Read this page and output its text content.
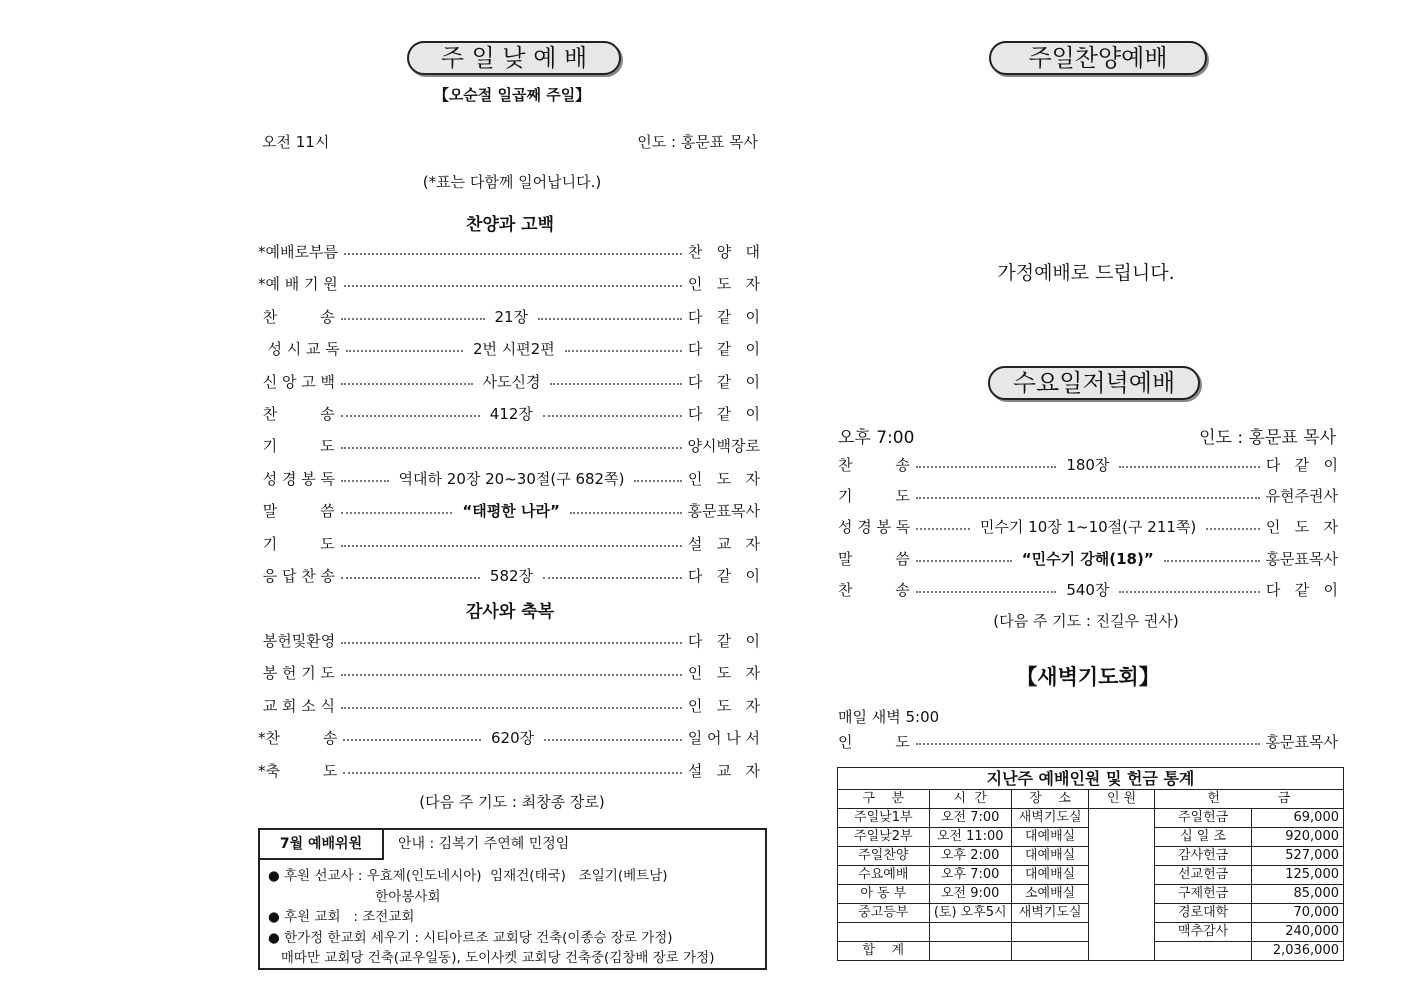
주 일 낮 예 배
【오순절 일곱째 주일】
오전 11시	인도 : 홍문표 목사
(*표는 다함께 일어납니다.)
찬양과 고백
*예배로부름	찬   양   대
*예 배 기 원	인   도   자
찬         송	21장	다   같   이
성 시 교 독	2번 시편2편	다   같   이
신 앙 고 백	사도신경	다   같   이
찬         송	412장	다   같   이
기         도	양시백장로
성 경 봉 독	역대하 20장 20~30절(구 682쪽)	인   도   자
말         씀	“태평한 나라”	홍문표목사
기         도	설   교   자
응 답 찬 송	582장	다   같   이
감사와 축복
봉헌및환영	다   같   이
봉 헌 기 도	인   도   자
교 회 소 식	인   도   자
*찬         송	620장	일 어 나 서
*축         도	설   교   자
(다음 주 기도 : 최창종 장로)
7월 예배위원	안내 : 김복기 주연혜 민정임
● 후원 선교사 : 우효제(인도네시아)  임재건(태국)   조일기(베트남)
한아봉사회
● 후원 교회   : 조전교회
● 한가정 한교회 세우기 : 시티아르조 교회당 건축(이종승 장로 가정)
매따만 교회당 건축(교우일동), 도이사켓 교회당 건축중(김창배 장로 가정)
주일찬양예배
가정예배로 드립니다.
수요일저녁예배
오후 7:00	인도 : 홍문표 목사
찬         송	180장	다   같   이
기         도	유현주권사
성 경 봉 독	민수기 10장 1~10절(구 211쪽)	인   도   자
말         씀	“민수기 강해(18)”	홍문표목사
찬         송	540장	다   같   이
(다음 주 기도 : 진길우 권사)
【새벽기도회】
매일 새벽 5:00
인         도	홍문표목사
지난주 예배인원 및 헌금 통계					
구    분	시  간	장    소	인 원	헌              금	
주일낮1부	오전 7:00	새벽기도실		주일헌금	69,000
주일낮2부	오전 11:00	대예배실		십 일 조	920,000
주일찬양	오후 2:00	대예배실		감사헌금	527,000
수요예배	오후 7:00	대예배실		선교헌금	125,000
아 동 부	오전 9:00	소예배실		구제헌금	85,000
중고등부	(토) 오후5시	새벽기도실		경로대학	70,000
				맥추감사	240,000
합    계					2,036,000
